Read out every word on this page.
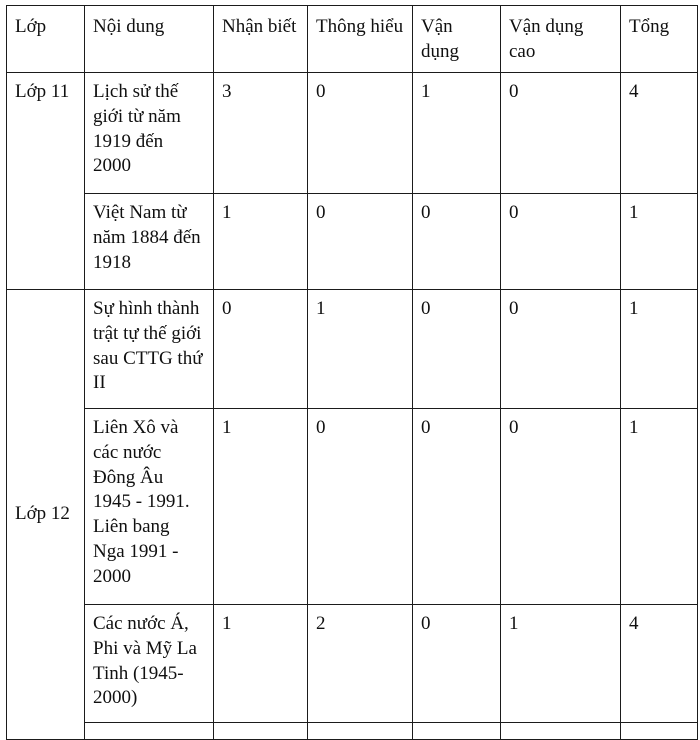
Lớp	Nội dung	Nhận biết	Thông hiểu	Vận dụng	Vận dụng cao	Tổng
Lớp 11	Lịch sử thế giới từ năm 1919 đến 2000	3	0	1	0	4
	Việt Nam từ năm 1884 đến 1918	1	0	0	0	1
Lớp 12	Sự hình thành trật tự thế giới sau CTTG thứ II	0	1	0	0	1
	Liên Xô và các nước Đông Âu 1945 - 1991. Liên bang Nga 1991 - 2000	1	0	0	0	1
	Các nước Á, Phi và Mỹ La Tinh (1945-2000)	1	2	0	1	4
